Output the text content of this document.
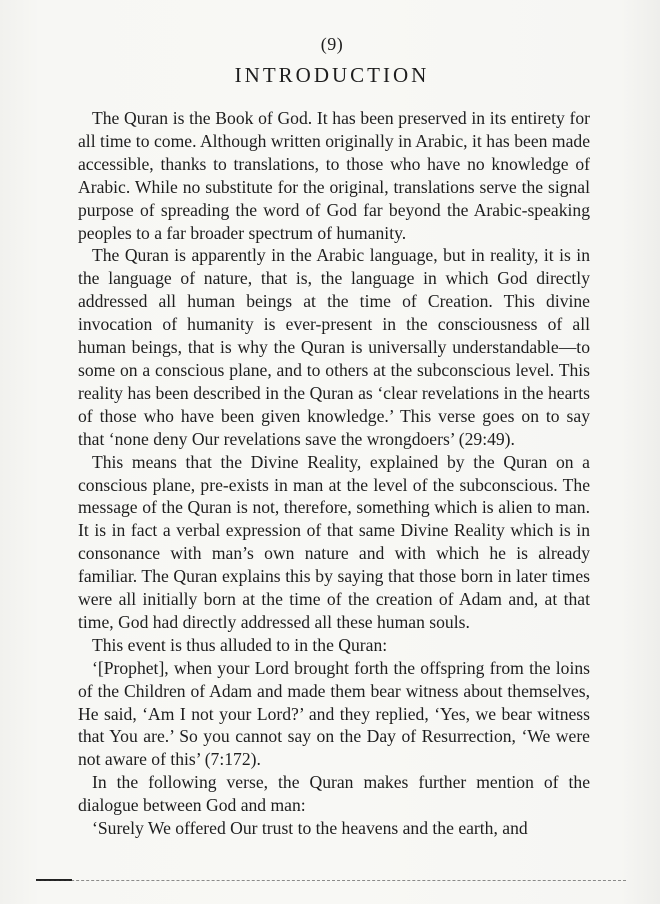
(9)
INTRODUCTION

The Quran is the Book of God. It has been preserved in its entirety for all time to come. Although written originally in Arabic, it has been made accessible, thanks to translations, to those who have no knowledge of Arabic. While no substitute for the original, translations serve the signal purpose of spreading the word of God far beyond the Arabic-speaking peoples to a far broader spectrum of humanity.

The Quran is apparently in the Arabic language, but in reality, it is in the language of nature, that is, the language in which God directly addressed all human beings at the time of Creation. This divine invocation of humanity is ever-present in the consciousness of all human beings, that is why the Quran is universally understandable—to some on a conscious plane, and to others at the subconscious level. This reality has been described in the Quran as ‘clear revelations in the hearts of those who have been given knowledge.’ This verse goes on to say that ‘none deny Our revelations save the wrongdoers’ (29:49).

This means that the Divine Reality, explained by the Quran on a conscious plane, pre-exists in man at the level of the subconscious. The message of the Quran is not, therefore, something which is alien to man. It is in fact a verbal expression of that same Divine Reality which is in consonance with man’s own nature and with which he is already familiar. The Quran explains this by saying that those born in later times were all initially born at the time of the creation of Adam and, at that time, God had directly addressed all these human souls.

This event is thus alluded to in the Quran:

‘[Prophet], when your Lord brought forth the offspring from the loins of the Children of Adam and made them bear witness about themselves, He said, ‘Am I not your Lord?’ and they replied, ‘Yes, we bear witness that You are.’ So you cannot say on the Day of Resurrection, ‘We were not aware of this’ (7:172).

In the following verse, the Quran makes further mention of the dialogue between God and man:

‘Surely We offered Our trust to the heavens and the earth, and
